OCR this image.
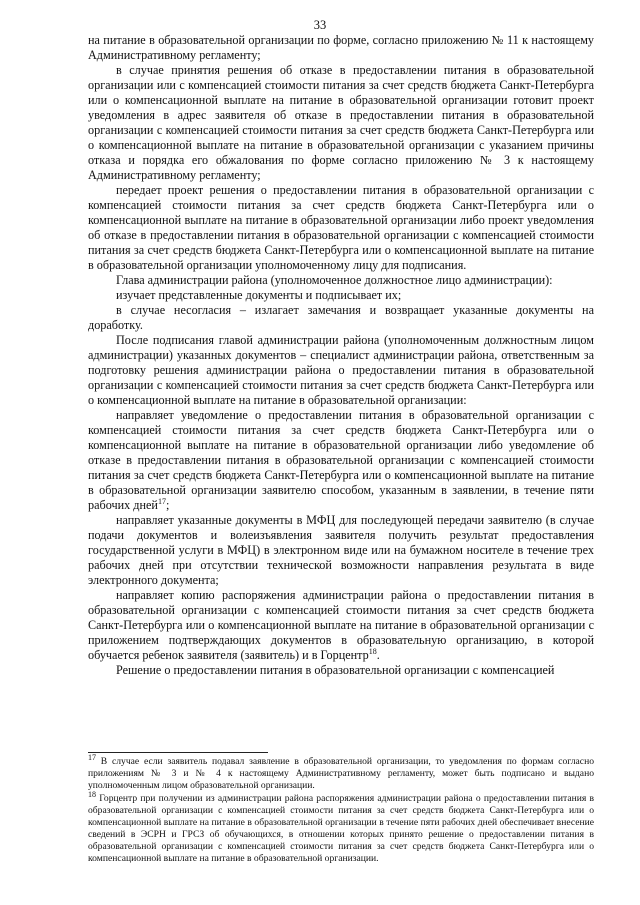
33

на питание в образовательной организации по форме, согласно приложению № 11 к настоящему Административному регламенту;

в случае принятия решения об отказе в предоставлении питания в образовательной организации или с компенсацией стоимости питания за счет средств бюджета Санкт-Петербурга или о компенсационной выплате на питание в образовательной организации готовит проект уведомления в адрес заявителя об отказе в предоставлении питания в образовательной организации с компенсацией стоимости питания за счет средств бюджета Санкт-Петербурга или о компенсационной выплате на питание в образовательной организации с указанием причины отказа и порядка его обжалования по форме согласно приложению № 3 к настоящему Административному регламенту;

передает проект решения о предоставлении питания в образовательной организации с компенсацией стоимости питания за счет средств бюджета Санкт-Петербурга или о компенсационной выплате на питание в образовательной организации либо проект уведомления об отказе в предоставлении питания в образовательной организации с компенсацией стоимости питания за счет средств бюджета Санкт-Петербурга или о компенсационной выплате на питание в образовательной организации уполномоченному лицу для подписания.

Глава администрации района (уполномоченное должностное лицо администрации):

изучает представленные документы и подписывает их;

в случае несогласия – излагает замечания и возвращает указанные документы на доработку.

После подписания главой администрации района (уполномоченным должностным лицом администрации) указанных документов – специалист администрации района, ответственным за подготовку решения администрации района о предоставлении питания в образовательной организации с компенсацией стоимости питания за счет средств бюджета Санкт-Петербурга или о компенсационной выплате на питание в образовательной организации:

направляет уведомление о предоставлении питания в образовательной организации с компенсацией стоимости питания за счет средств бюджета Санкт-Петербурга или о компенсационной выплате на питание в образовательной организации либо уведомление об отказе в предоставлении питания в образовательной организации с компенсацией стоимости питания за счет средств бюджета Санкт-Петербурга или о компенсационной выплате на питание в образовательной организации заявителю способом, указанным в заявлении, в течение пяти рабочих дней$^{17}$;

направляет указанные документы в МФЦ для последующей передачи заявителю (в случае подачи документов и волеизъявления заявителя получить результат предоставления государственной услуги в МФЦ) в электронном виде или на бумажном носителе в течение трех рабочих дней при отсутствии технической возможности направления результата в виде электронного документа;

направляет копию распоряжения администрации района о предоставлении питания в образовательной организации с компенсацией стоимости питания за счет средств бюджета Санкт-Петербурга или о компенсационной выплате на питание в образовательной организации с приложением подтверждающих документов в образовательную организацию, в которой обучается ребенок заявителя (заявитель) и в Горцентр$^{18}$.

Решение о предоставлении питания в образовательной организации с компенсацией

$^{17}$ В случае если заявитель подавал заявление в образовательной организации, то уведомления по формам согласно приложениям № 3 и № 4 к настоящему Административному регламенту, может быть подписано и выдано уполномоченным лицом образовательной организации.

$^{18}$ Горцентр при получении из администрации района распоряжения администрации района о предоставлении питания в образовательной организации с компенсацией стоимости питания за счет средств бюджета Санкт-Петербурга или о компенсационной выплате на питание в образовательной организации в течение пяти рабочих дней обеспечивает внесение сведений в ЭСРН и ГРСЗ об обучающихся, в отношении которых принято решение о предоставлении питания в образовательной организации с компенсацией стоимости питания за счет средств бюджета Санкт-Петербурга или о компенсационной выплате на питание в образовательной организации.
